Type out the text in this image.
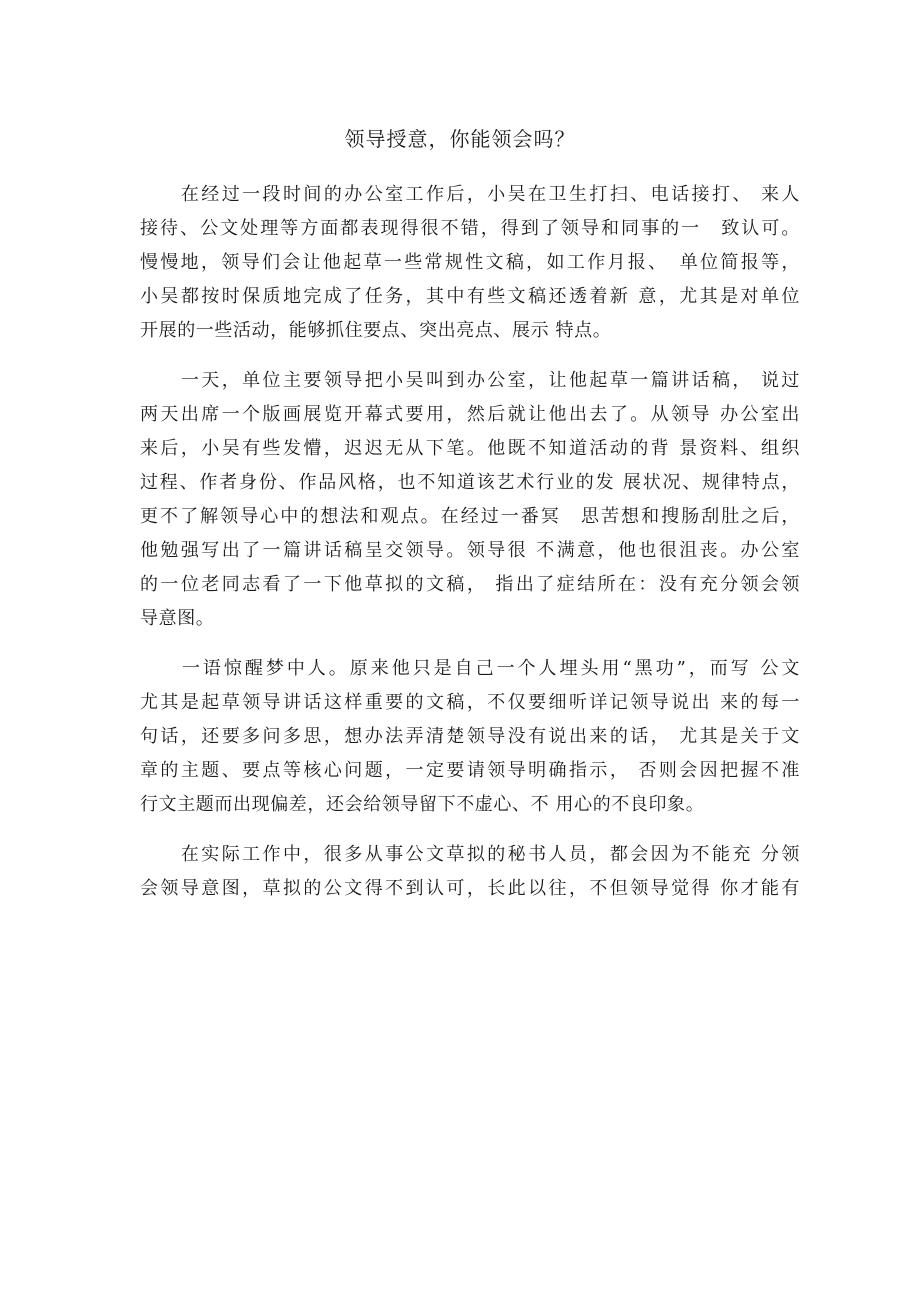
领导授意，你能领会吗？
　　在经过一段时间的办公室工作后，小吴在卫生打扫、电话接打、 来人
接待、公文处理等方面都表现得很不错，得到了领导和同事的一　致认可。
慢慢地，领导们会让他起草一些常规性文稿，如工作月报、　单位简报等，
小吴都按时保质地完成了任务，其中有些文稿还透着新 意，尤其是对单位
开展的一些活动，能够抓住要点、突出亮点、展示 特点。
　　一天，单位主要领导把小吴叫到办公室，让他起草一篇讲话稿， 说过
两天出席一个版画展览开幕式要用，然后就让他出去了。从领导 办公室出
来后，小吴有些发懵，迟迟无从下笔。他既不知道活动的背 景资料、组织
过程、作者身份、作品风格，也不知道该艺术行业的发 展状况、规律特点，
更不了解领导心中的想法和观点。在经过一番冥　思苦想和搜肠刮肚之后，
他勉强写出了一篇讲话稿呈交领导。领导很 不满意，他也很沮丧。办公室
的一位老同志看了一下他草拟的文稿， 指出了症结所在：没有充分领会领
导意图。
　　一语惊醒梦中人。原来他只是自己一个人埋头用“黑功”，而写 公文
尤其是起草领导讲话这样重要的文稿，不仅要细听详记领导说出 来的每一
句话，还要多问多思，想办法弄清楚领导没有说出来的话， 尤其是关于文
章的主题、要点等核心问题，一定要请领导明确指示， 否则会因把握不准
行文主题而出现偏差，还会给领导留下不虚心、不 用心的不良印象。
　　在实际工作中，很多从事公文草拟的秘书人员，都会因为不能充 分领
会领导意图，草拟的公文得不到认可，长此以往，不但领导觉得 你才能有
